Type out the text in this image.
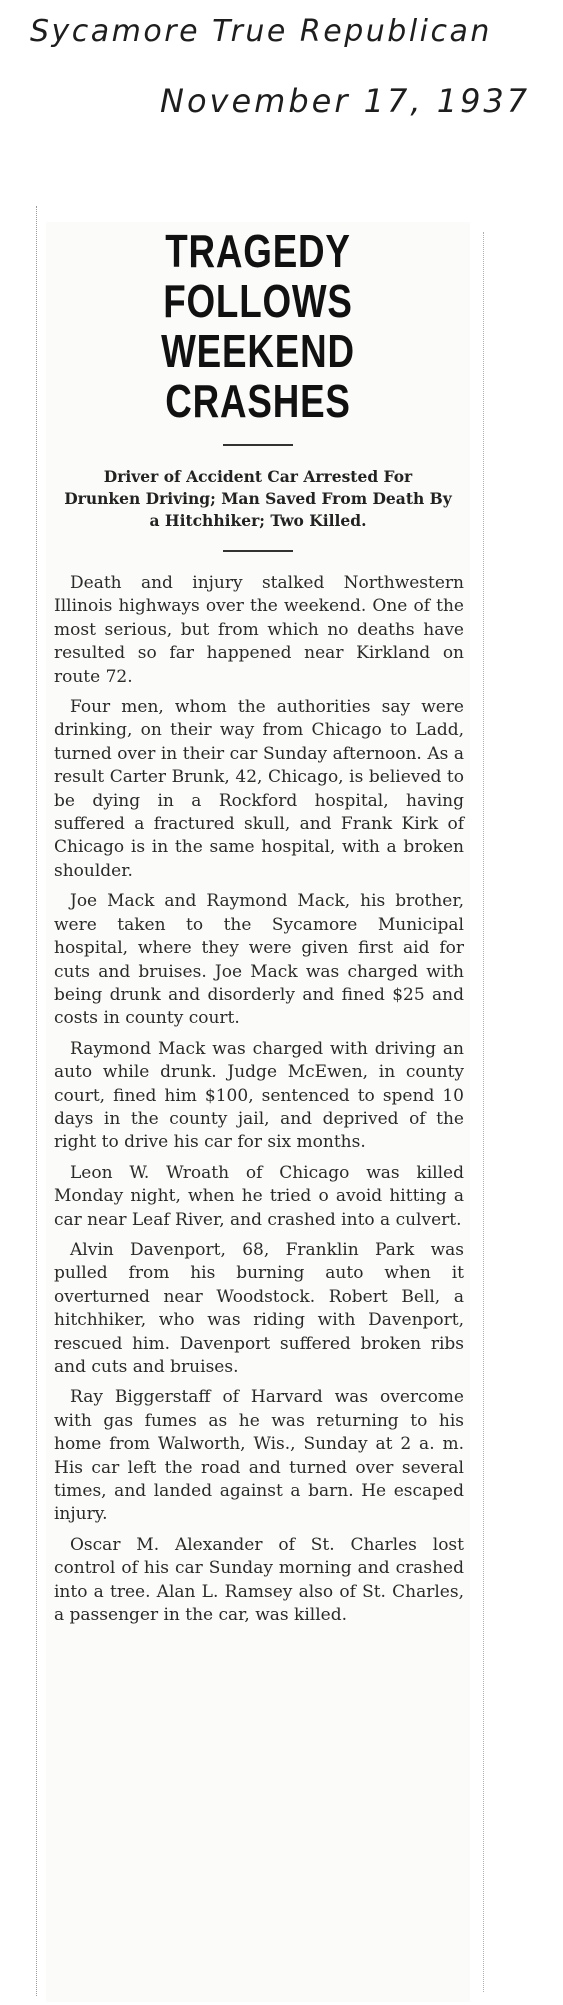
Sycamore True Republican
November 17, 1937
TRAGEDY FOLLOWS WEEKEND CRASHES
Driver of Accident Car Arrested For Drunken Driving; Man Saved From Death By a Hitchhiker; Two Killed.

Death and injury stalked Northwestern Illinois highways over the weekend. One of the most serious, but from which no deaths have resulted so far happened near Kirkland on route 72.

Four men, whom the authorities say were drinking, on their way from Chicago to Ladd, turned over in their car Sunday afternoon. As a result Carter Brunk, 42, Chicago, is believed to be dying in a Rockford hospital, having suffered a fractured skull, and Frank Kirk of Chicago is in the same hospital, with a broken shoulder.

Joe Mack and Raymond Mack, his brother, were taken to the Sycamore Municipal hospital, where they were given first aid for cuts and bruises. Joe Mack was charged with being drunk and disorderly and fined $25 and costs in county court.

Raymond Mack was charged with driving an auto while drunk. Judge McEwen, in county court, fined him $100, sentenced to spend 10 days in the county jail, and deprived of the right to drive his car for six months.

Leon W. Wroath of Chicago was killed Monday night, when he tried o avoid hitting a car near Leaf River, and crashed into a culvert.

Alvin Davenport, 68, Franklin Park was pulled from his burning auto when it overturned near Woodstock. Robert Bell, a hitchhiker, who was riding with Davenport, rescued him. Davenport suffered broken ribs and cuts and bruises.

Ray Biggerstaff of Harvard was overcome with gas fumes as he was returning to his home from Walworth, Wis., Sunday at 2 a. m. His car left the road and turned over several times, and landed against a barn. He escaped injury.

Oscar M. Alexander of St. Charles lost control of his car Sunday morning and crashed into a tree. Alan L. Ramsey also of St. Charles, a passenger in the car, was killed.
